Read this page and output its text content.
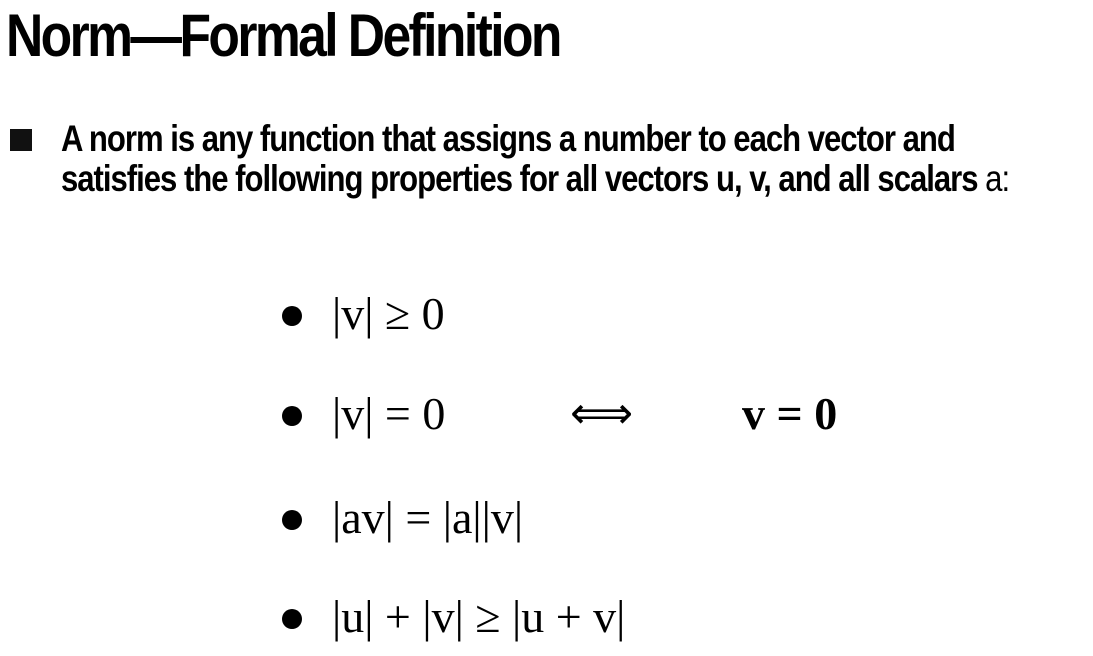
Norm—Formal Definition

A norm is any function that assigns a number to each vector and satisfies the following properties for all vectors u, v, and all scalars a:

|v| ≥ 0
|v| = 0	⟺ v = 0
|av| = |a||v|
|u| + |v| ≥ |u + v|
